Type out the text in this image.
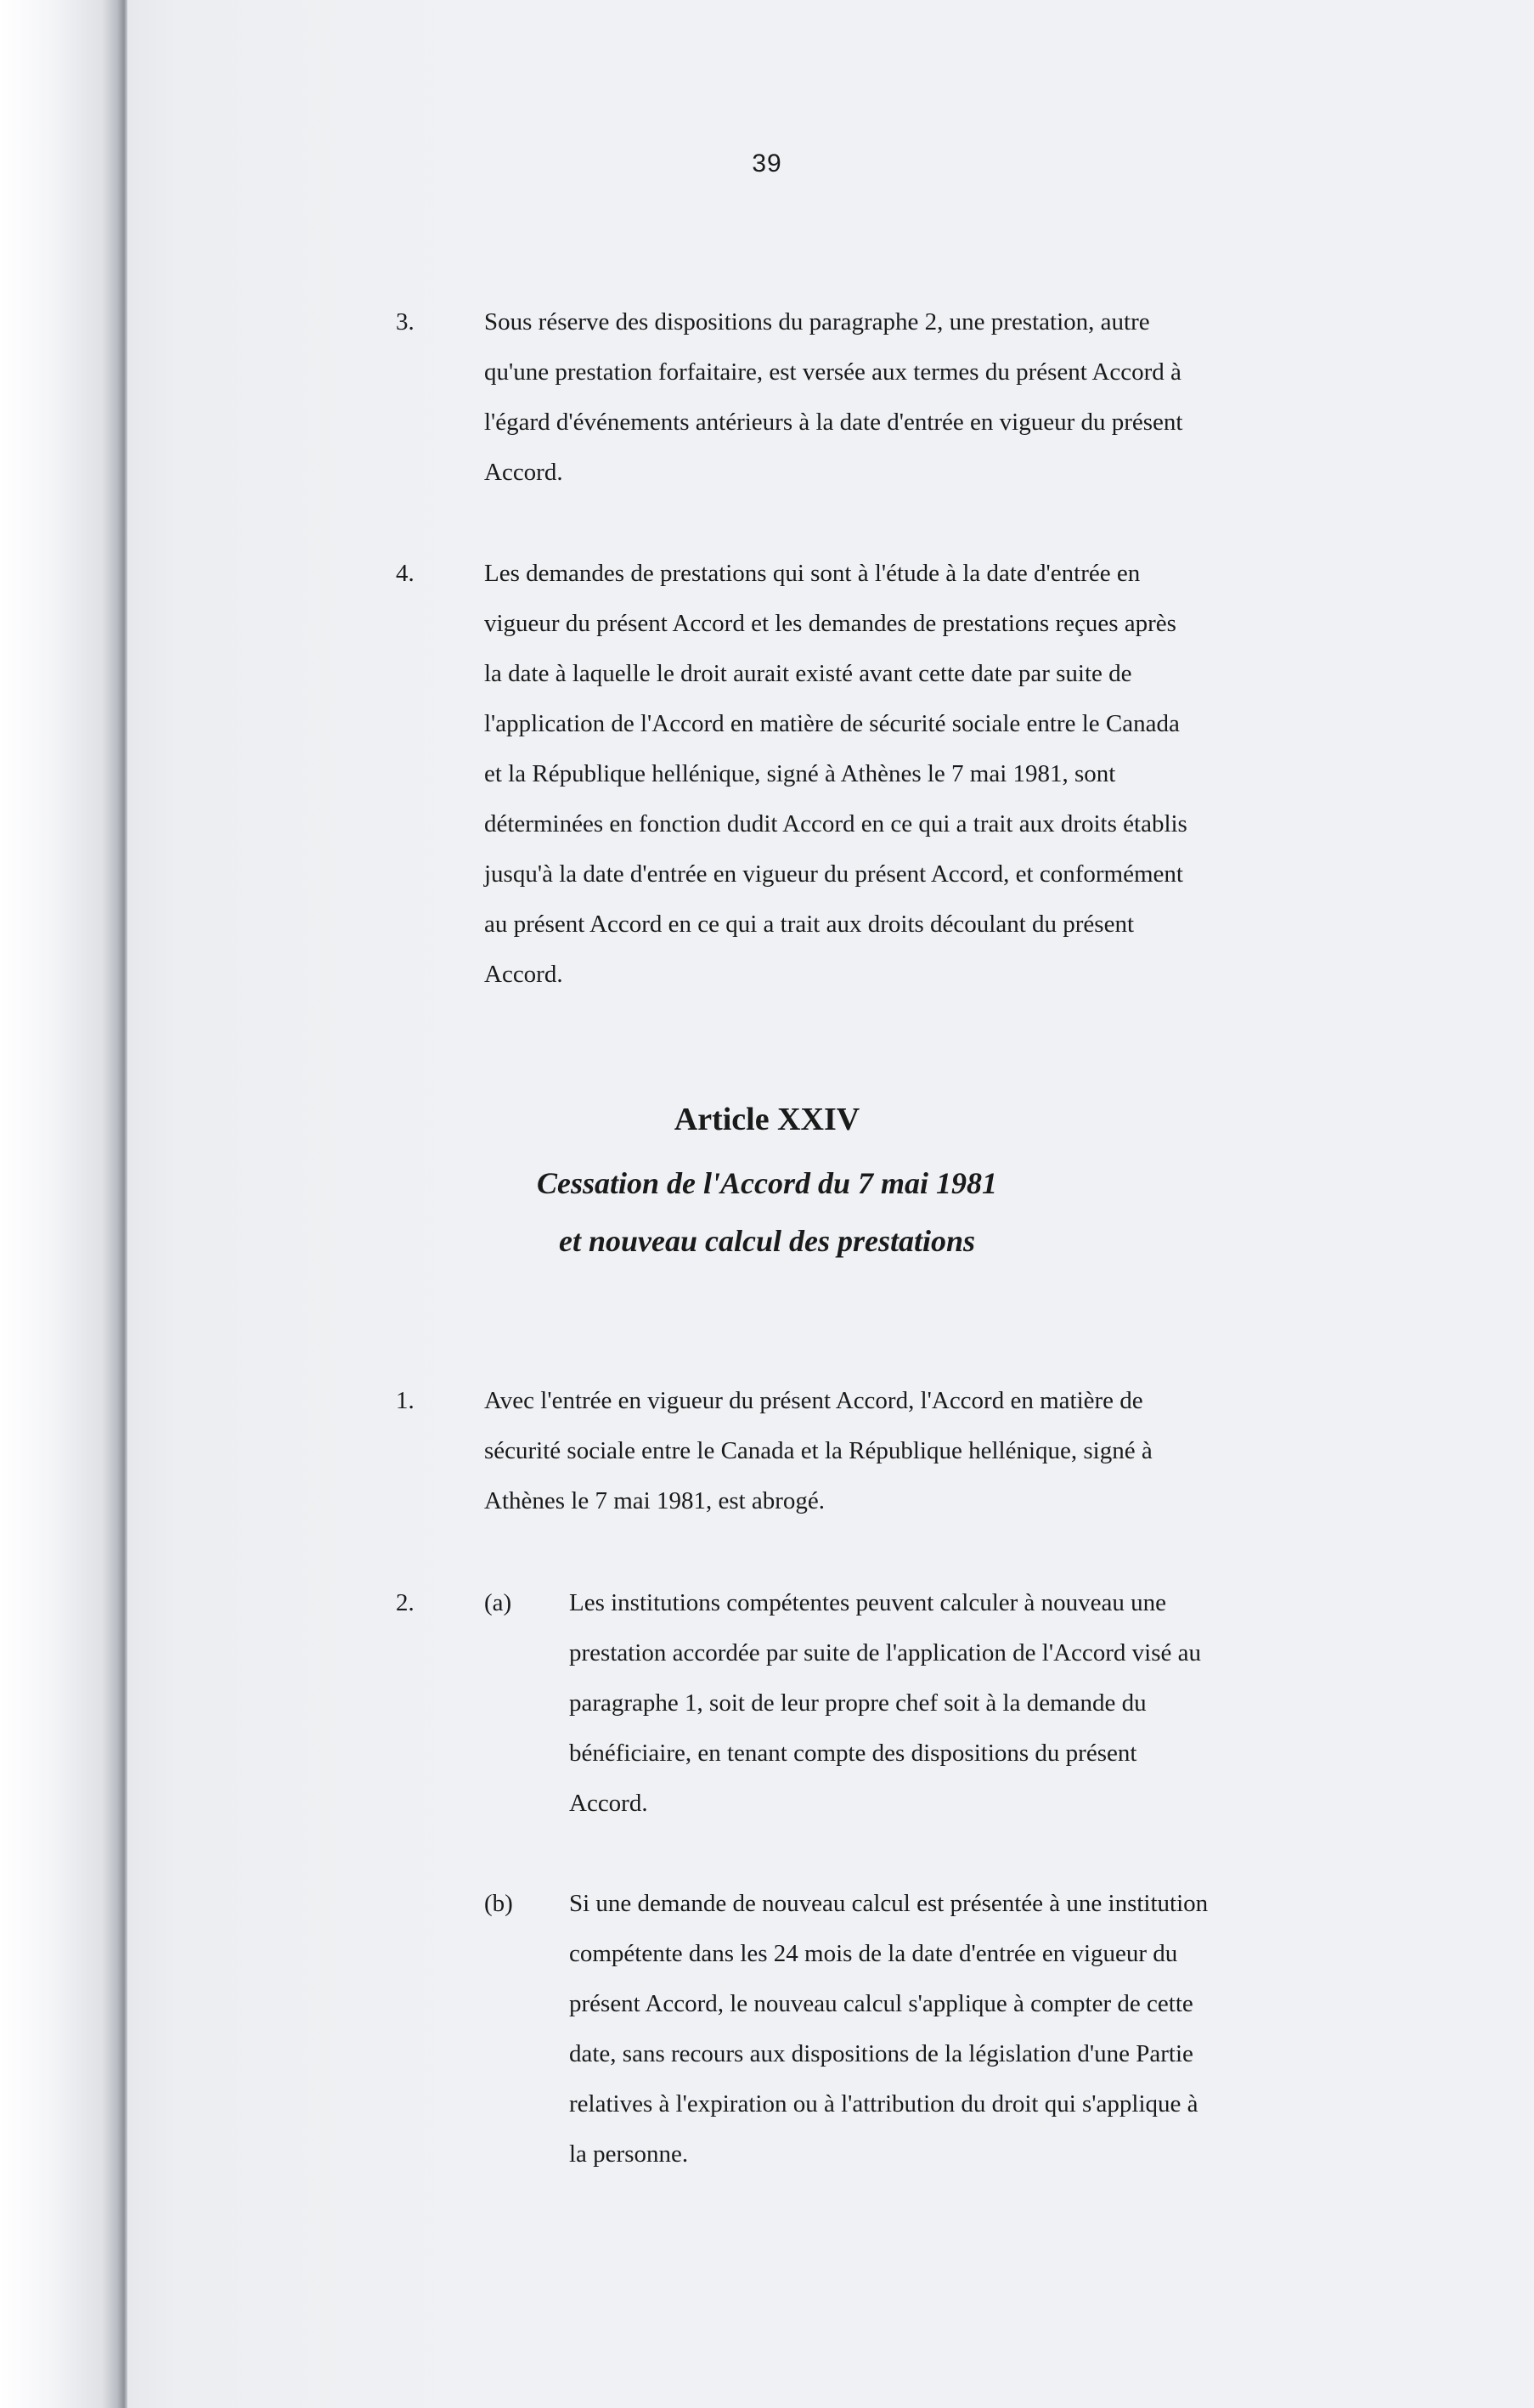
39
3.	Sous réserve des dispositions du paragraphe 2, une prestation, autre
qu'une prestation forfaitaire, est versée aux termes du présent Accord à
l'égard d'événements antérieurs à la date d'entrée en vigueur du présent
Accord.
4.	Les demandes de prestations qui sont à l'étude à la date d'entrée en
vigueur du présent Accord et les demandes de prestations reçues après
la date à laquelle le droit aurait existé avant cette date par suite de
l'application de l'Accord en matière de sécurité sociale entre le Canada
et la République hellénique, signé à Athènes le 7 mai 1981, sont
déterminées en fonction dudit Accord en ce qui a trait aux droits établis
jusqu'à la date d'entrée en vigueur du présent Accord, et conformément
au présent Accord en ce qui a trait aux droits découlant du présent
Accord.
Article XXIV
Cessation de l'Accord du 7 mai 1981
et nouveau calcul des prestations
1.	Avec l'entrée en vigueur du présent Accord, l'Accord en matière de
sécurité sociale entre le Canada et la République hellénique, signé à
Athènes le 7 mai 1981, est abrogé.
2.	(a)	Les institutions compétentes peuvent calculer à nouveau une
prestation accordée par suite de l'application de l'Accord visé au
paragraphe 1, soit de leur propre chef soit à la demande du
bénéficiaire, en tenant compte des dispositions du présent
Accord.
(b)	Si une demande de nouveau calcul est présentée à une institution
compétente dans les 24 mois de la date d'entrée en vigueur du
présent Accord, le nouveau calcul s'applique à compter de cette
date, sans recours aux dispositions de la législation d'une Partie
relatives à l'expiration ou à l'attribution du droit qui s'applique à
la personne.
